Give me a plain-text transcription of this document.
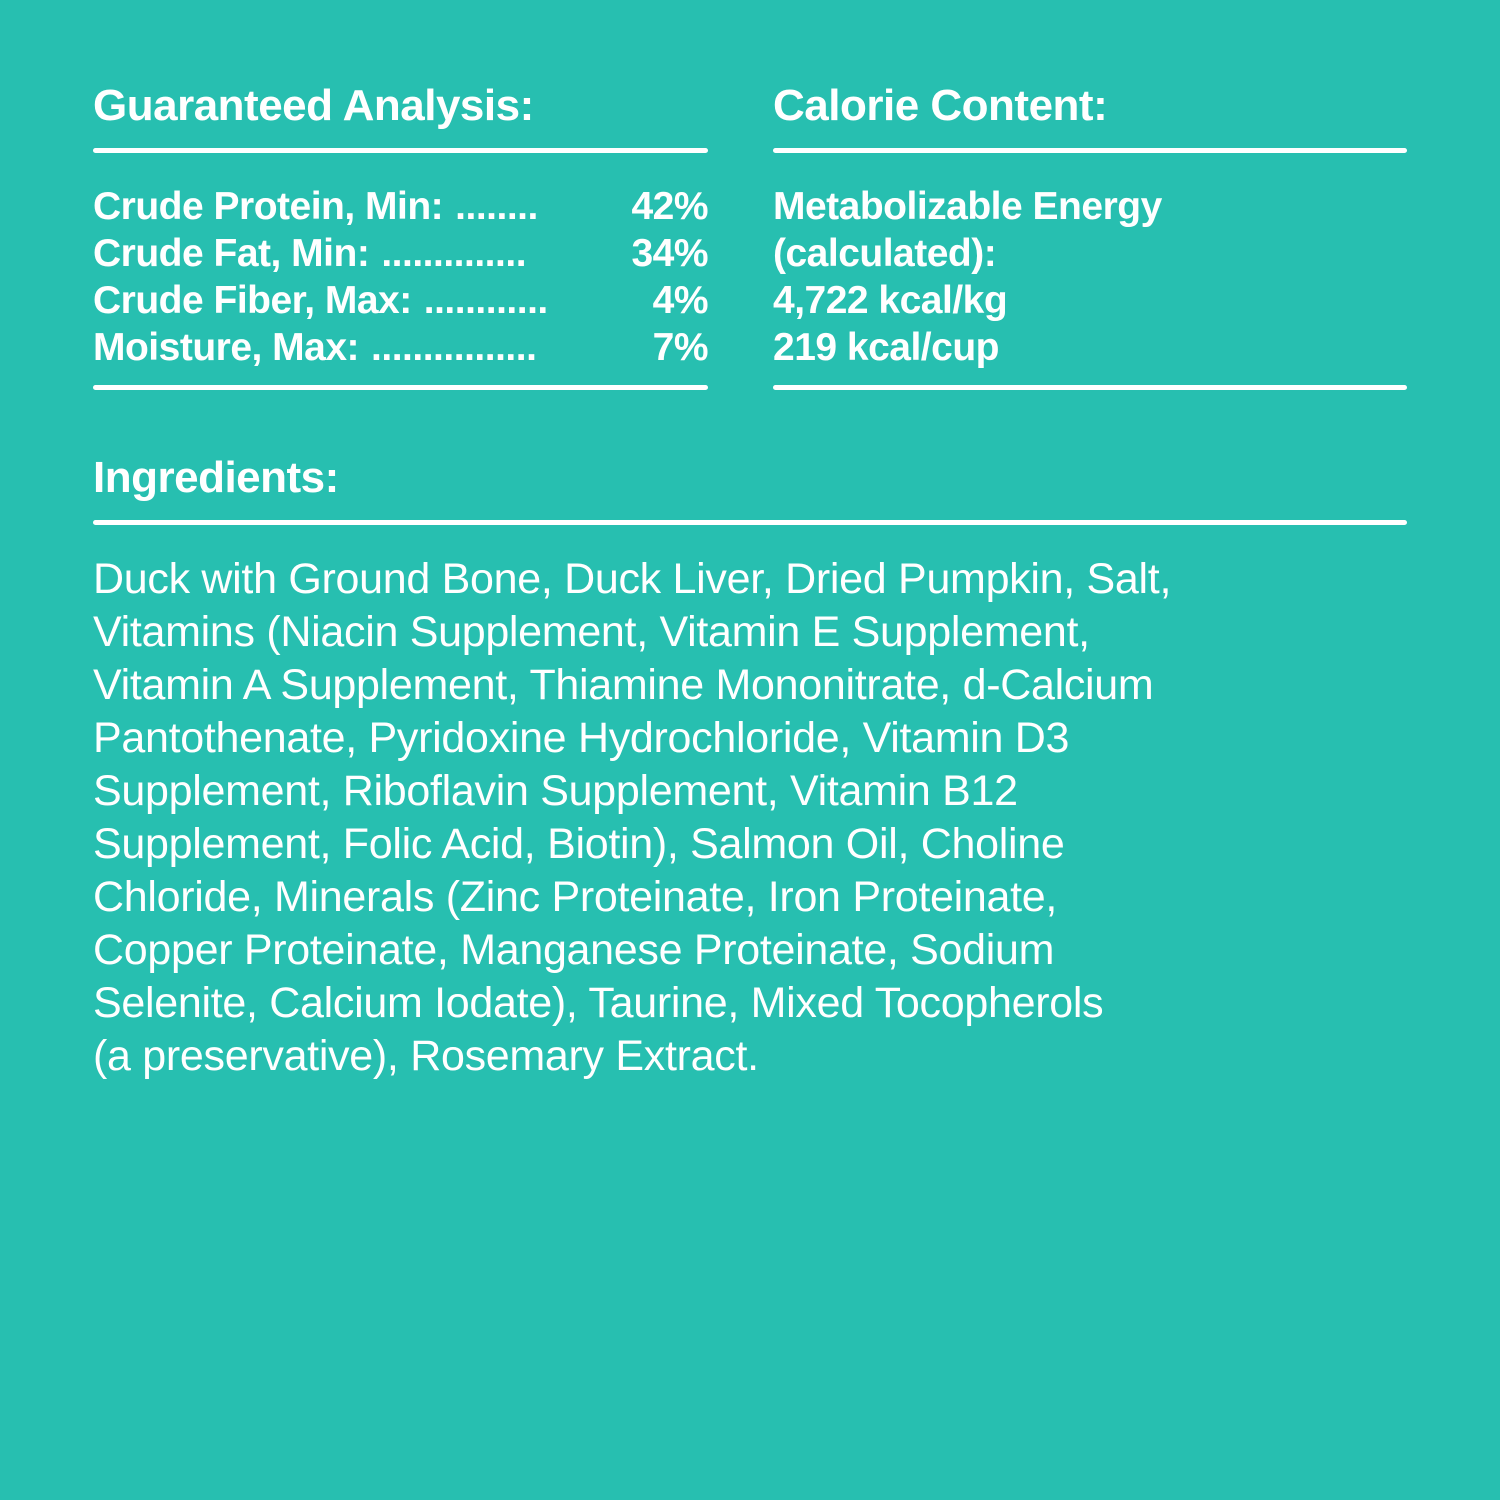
Guaranteed Analysis:
Crude Protein, Min: ........ 42%
Crude Fat, Min: ..............	34%
Crude Fiber, Max: ............	4%
Moisture, Max: ................	7%
Calorie Content:
Metabolizable Energy
(calculated):
4,722 kcal/kg
219 kcal/cup
Ingredients:
Duck with Ground Bone, Duck Liver, Dried Pumpkin, Salt,
Vitamins (Niacin Supplement, Vitamin E Supplement,
Vitamin A Supplement, Thiamine Mononitrate, d-Calcium
Pantothenate, Pyridoxine Hydrochloride, Vitamin D3
Supplement, Riboflavin Supplement, Vitamin B12
Supplement, Folic Acid, Biotin), Salmon Oil, Choline
Chloride, Minerals (Zinc Proteinate, Iron Proteinate,
Copper Proteinate, Manganese Proteinate, Sodium
Selenite, Calcium Iodate), Taurine, Mixed Tocopherols
(a preservative), Rosemary Extract.
